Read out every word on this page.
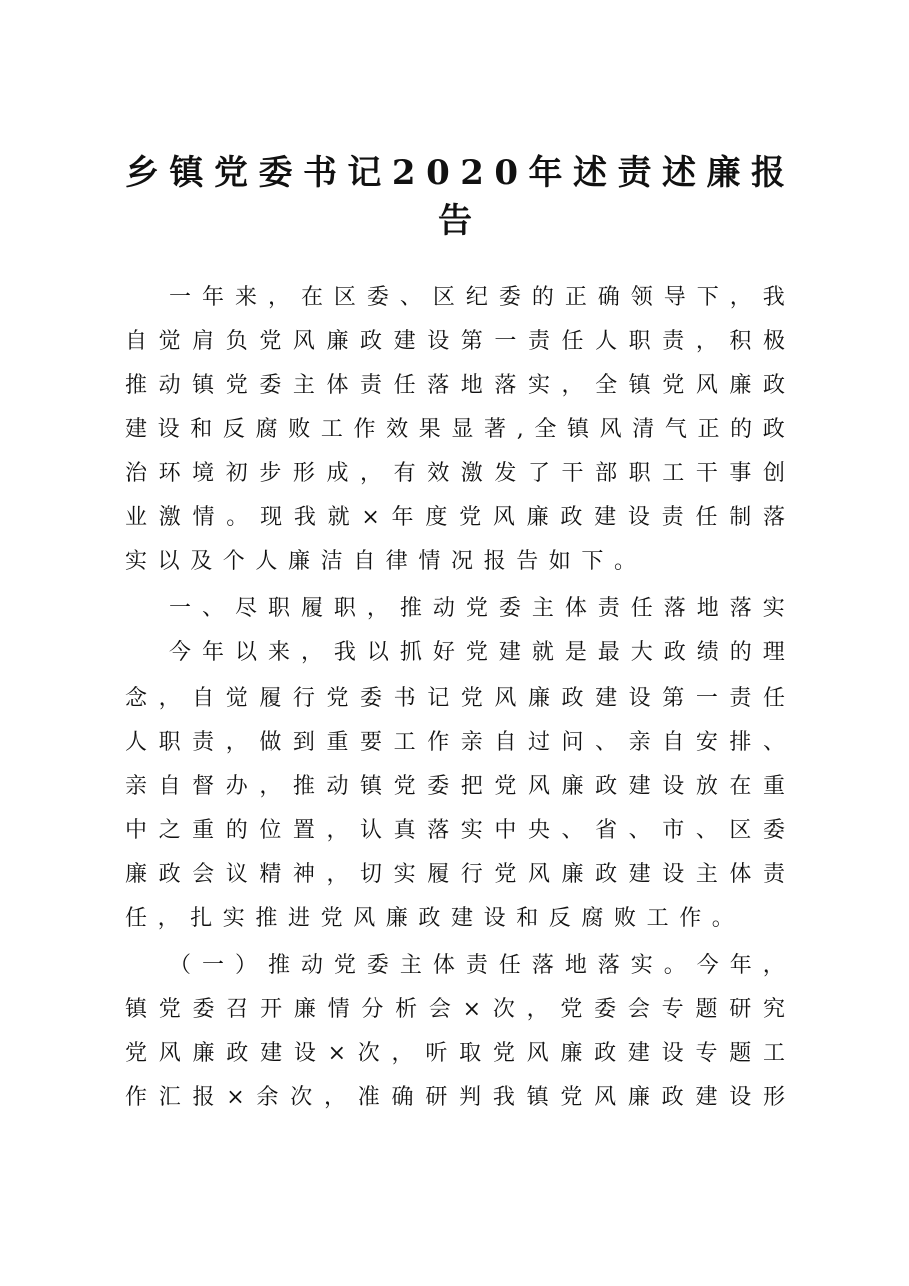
乡 镇 党 委 书 记 2 0 2 0 年 述 责 述 廉 报
告
一 年 来 ， 在 区 委 、 区 纪 委 的 正 确 领 导 下 ， 我
自 觉 肩 负 党 风 廉 政 建 设 第 一 责 任 人 职 责 ， 积 极
推 动 镇 党 委 主 体 责 任 落 地 落 实 ， 全 镇 党 风 廉 政
建 设 和 反 腐 败 工 作 效 果 显 著 , 全 镇 风 清 气 正 的 政
治 环 境 初 步 形 成 ， 有 效 激 发 了 干 部 职 工 干 事 创
业 激 情 。 现 我 就 × 年 度 党 风 廉 政 建 设 责 任 制 落
实以及个人廉洁自律情况报告如下。
一 、 尽 职 履 职 ， 推 动 党 委 主 体 责 任 落 地 落 实
今 年 以 来 ， 我 以 抓 好 党 建 就 是 最 大 政 绩 的 理
念 ， 自 觉 履 行 党 委 书 记 党 风 廉 政 建 设 第 一 责 任
人 职 责 ， 做 到 重 要 工 作 亲 自 过 问 、 亲 自 安 排 、
亲 自 督 办 ， 推 动 镇 党 委 把 党 风 廉 政 建 设 放 在 重
中 之 重 的 位 置 ， 认 真 落 实 中 央 、 省 、 市 、 区 委
廉 政 会 议 精 神 ， 切 实 履 行 党 风 廉 政 建 设 主 体 责
任，扎实推进党风廉政建设和反腐败工作。
（ 一 ） 推 动 党 委 主 体 责 任 落 地 落 实 。 今 年 ，
镇 党 委 召 开 廉 情 分 析 会 × 次 ， 党 委 会 专 题 研 究
党 风 廉 政 建 设 × 次 ， 听 取 党 风 廉 政 建 设 专 题 工
作 汇 报 × 余 次 ， 准 确 研 判 我 镇 党 风 廉 政 建 设 形
